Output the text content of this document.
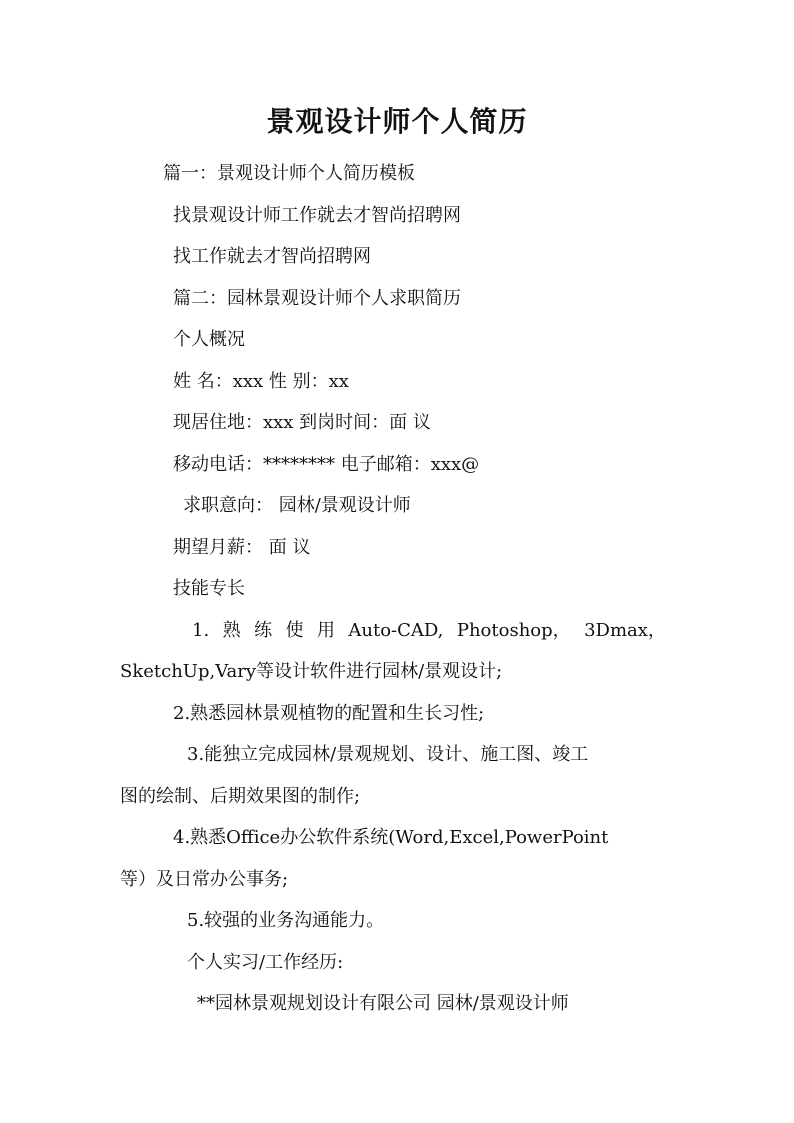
景观设计师个人简历
篇一：景观设计师个人简历模板
找景观设计师工作就去才智尚招聘网
找工作就去才智尚招聘网
篇二：园林景观设计师个人求职简历
个人概况
姓 名：xxx 性 别：xx
现居住地：xxx 到岗时间：面 议
移动电话：******** 电子邮箱：xxx@
求职意向： 园林/景观设计师
期望月薪： 面 议
技能专长
1. 熟 练 使 用 Auto-CAD, Photoshop， 3Dmax，
SketchUp,Vary等设计软件进行园林/景观设计;
2.熟悉园林景观植物的配置和生长习性;
3.能独立完成园林/景观规划、设计、施工图、竣工
图的绘制、后期效果图的制作;
4.熟悉Office办公软件系统(Word,Excel,PowerPoint
等）及日常办公事务;
5.较强的业务沟通能力。
个人实习/工作经历:
**园林景观规划设计有限公司 园林/景观设计师
